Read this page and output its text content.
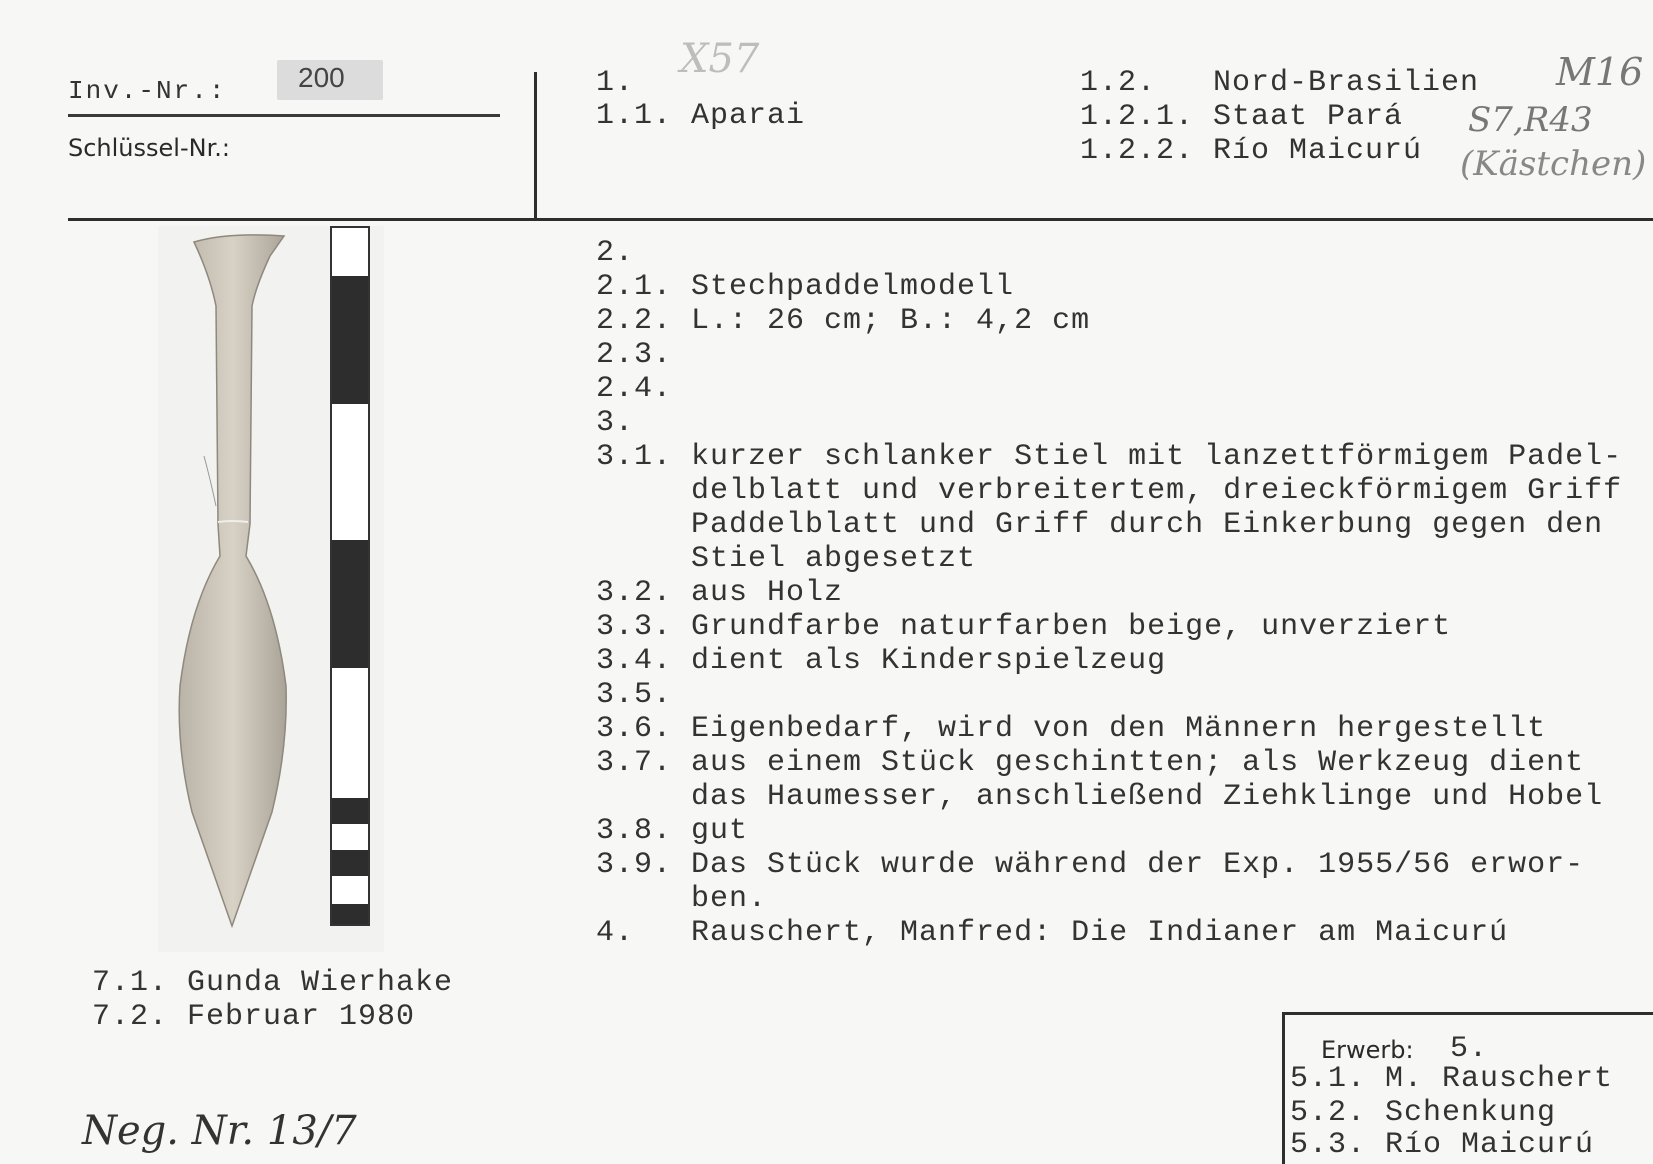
Inv.-Nr.:	200
Schlüssel-Nr.:
X57	M16
S7,R43
(Kästchen)
1.
1.1. Aparai
1.2.   Nord-Brasilien
1.2.1. Staat Pará
1.2.2. Río Maicurú
2.
2.1. Stechpaddelmodell
2.2. L.: 26 cm; B.: 4,2 cm
2.3.
2.4.
3.
3.1. kurzer schlanker Stiel mit lanzettförmigem Padel-
delblatt und verbreitertem, dreieckförmigem Griff
Paddelblatt und Griff durch Einkerbung gegen den
Stiel abgesetzt
3.2. aus Holz
3.3. Grundfarbe naturfarben beige, unverziert
3.4. dient als Kinderspielzeug
3.5.
3.6. Eigenbedarf, wird von den Männern hergestellt
3.7. aus einem Stück geschintten; als Werkzeug dient
das Haumesser, anschließend Ziehklinge und Hobel
3.8. gut
3.9. Das Stück wurde während der Exp. 1955/56 erwor-
ben.
4.   Rauschert, Manfred: Die Indianer am Maicurú
7.1. Gunda Wierhake
7.2. Februar 1980
Neg. Nr. 13/7
Erwerb: 5.
5.1. M. Rauschert
5.2. Schenkung
5.3. Río Maicurú
